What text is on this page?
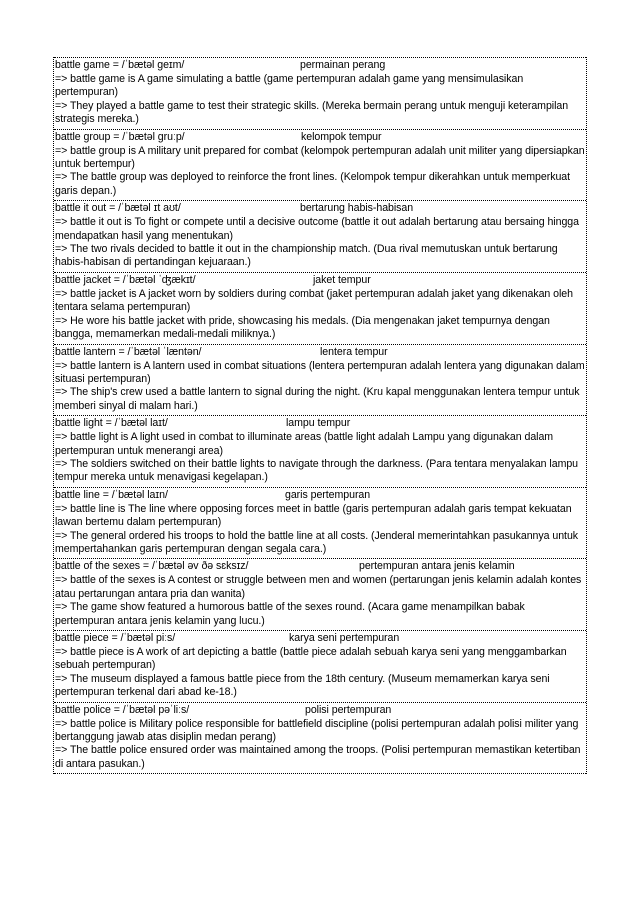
battle game = /ˈbætəl geɪm/	permainan perang
=> battle game is A game simulating a battle (game pertempuran adalah game yang mensimulasikan pertempuran)
=> They played a battle game to test their strategic skills. (Mereka bermain perang untuk menguji keterampilan strategis mereka.)
battle group = /ˈbætəl gruːp/	kelompok tempur
=> battle group is A military unit prepared for combat (kelompok pertempuran adalah unit militer yang dipersiapkan untuk bertempur)
=> The battle group was deployed to reinforce the front lines. (Kelompok tempur dikerahkan untuk memperkuat garis depan.)
battle it out = /ˈbætəl ɪt aʊt/	bertarung habis-habisan
=> battle it out is To fight or compete until a decisive outcome (battle it out adalah bertarung atau bersaing hingga mendapatkan hasil yang menentukan)
=> The two rivals decided to battle it out in the championship match. (Dua rival memutuskan untuk bertarung habis-habisan di pertandingan kejuaraan.)
battle jacket = /ˈbætəl ˈʤækɪt/	jaket tempur
=> battle jacket is A jacket worn by soldiers during combat (jaket pertempuran adalah jaket yang dikenakan oleh tentara selama pertempuran)
=> He wore his battle jacket with pride, showcasing his medals. (Dia mengenakan jaket tempurnya dengan bangga, memamerkan medali-medali miliknya.)
battle lantern = /ˈbætəl ˈlæntən/	lentera tempur
=> battle lantern is A lantern used in combat situations (lentera pertempuran adalah lentera yang digunakan dalam situasi pertempuran)
=> The ship's crew used a battle lantern to signal during the night. (Kru kapal menggunakan lentera tempur untuk memberi sinyal di malam hari.)
battle light = /ˈbætəl laɪt/	lampu tempur
=> battle light is A light used in combat to illuminate areas (battle light adalah Lampu yang digunakan dalam pertempuran untuk menerangi area)
=> The soldiers switched on their battle lights to navigate through the darkness. (Para tentara menyalakan lampu tempur mereka untuk menavigasi kegelapan.)
battle line = /ˈbætəl laɪn/	garis pertempuran
=> battle line is The line where opposing forces meet in battle (garis pertempuran adalah garis tempat kekuatan lawan bertemu dalam pertempuran)
=> The general ordered his troops to hold the battle line at all costs. (Jenderal memerintahkan pasukannya untuk mempertahankan garis pertempuran dengan segala cara.)
battle of the sexes = /ˈbætəl əv ðə sɛksɪz/	pertempuran antara jenis kelamin
=> battle of the sexes is A contest or struggle between men and women (pertarungan jenis kelamin adalah kontes atau pertarungan antara pria dan wanita)
=> The game show featured a humorous battle of the sexes round. (Acara game menampilkan babak pertempuran antara jenis kelamin yang lucu.)
battle piece = /ˈbætəl piːs/	karya seni pertempuran
=> battle piece is A work of art depicting a battle (battle piece adalah sebuah karya seni yang menggambarkan sebuah pertempuran)
=> The museum displayed a famous battle piece from the 18th century. (Museum memamerkan karya seni pertempuran terkenal dari abad ke-18.)
battle police = /ˈbætəl pəˈliːs/	polisi pertempuran
=> battle police is Military police responsible for battlefield discipline (polisi pertempuran adalah polisi militer yang bertanggung jawab atas disiplin medan perang)
=> The battle police ensured order was maintained among the troops. (Polisi pertempuran memastikan ketertiban di antara pasukan.)
